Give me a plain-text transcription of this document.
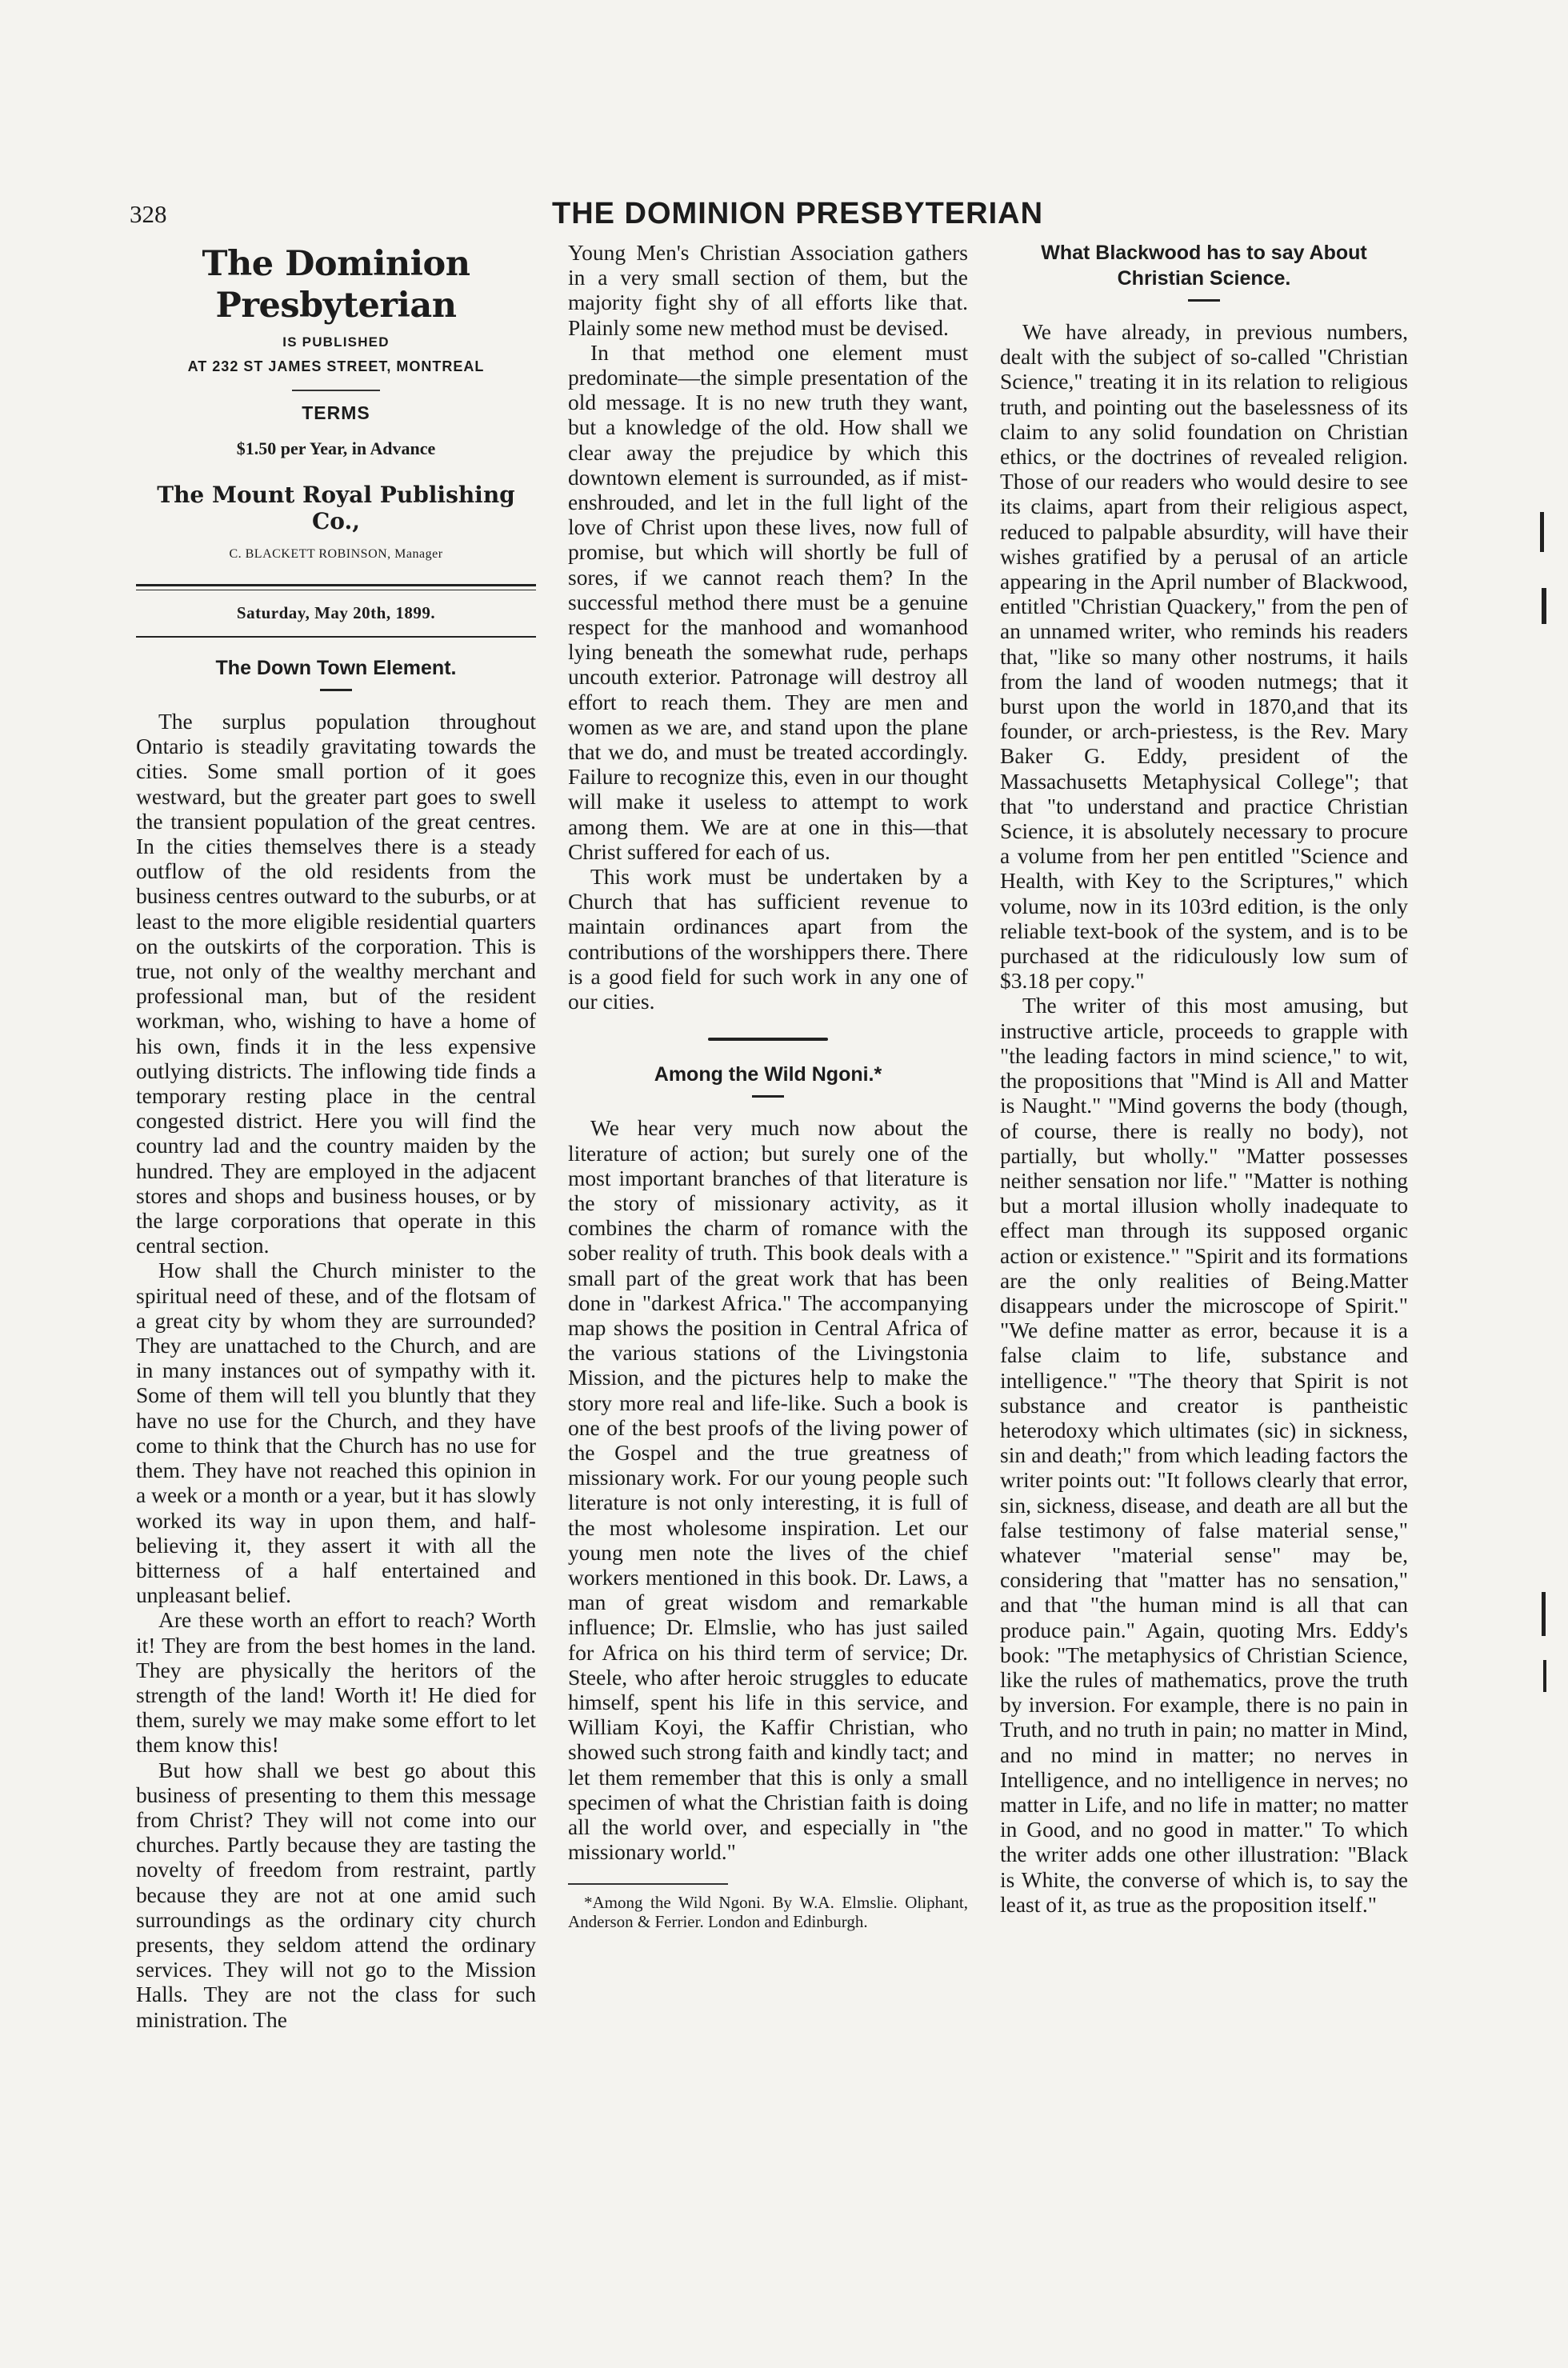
328	THE DOMINION PRESBYTERIAN
The Dominion Presbyterian
IS PUBLISHED
AT 232 ST JAMES STREET, MONTREAL
TERMS
$1.50 per Year, in Advance
The Mount Royal Publishing Co.,
C. BLACKETT ROBINSON, Manager
Saturday, May 20th, 1899.
The Down Town Element.

The surplus population throughout Ontario is steadily gravitating towards the cities. Some small portion of it goes westward, but the greater part goes to swell the transient population of the great centres. In the cities themselves there is a steady outflow of the old residents from the business centres outward to the suburbs, or at least to the more eligible residential quarters on the outskirts of the corporation. This is true, not only of the wealthy merchant and professional man, but of the resident workman, who, wishing to have a home of his own, finds it in the less expensive outlying districts. The inflowing tide finds a temporary resting place in the central congested district. Here you will find the country lad and the country maiden by the hundred. They are employed in the adjacent stores and shops and business houses, or by the large corporations that operate in this central section.

How shall the Church minister to the spiritual need of these, and of the flotsam of a great city by whom they are surrounded? They are unattached to the Church, and are in many instances out of sympathy with it. Some of them will tell you bluntly that they have no use for the Church, and they have come to think that the Church has no use for them. They have not reached this opinion in a week or a month or a year, but it has slowly worked its way in upon them, and half-believing it, they assert it with all the bitterness of a half entertained and unpleasant belief.

Are these worth an effort to reach? Worth it! They are from the best homes in the land. They are physically the heritors of the strength of the land! Worth it! He died for them, surely we may make some effort to let them know this!

But how shall we best go about this business of presenting to them this message from Christ? They will not come into our churches. Partly because they are tasting the novelty of freedom from restraint, partly because they are not at one amid such surroundings as the ordinary city church presents, they seldom attend the ordinary services. They will not go to the Mission Halls. They are not the class for such ministration. The

Young Men's Christian Association gathers in a very small section of them, but the majority fight shy of all efforts like that. Plainly some new method must be devised.

In that method one element must predominate—the simple presentation of the old message. It is no new truth they want, but a knowledge of the old. How shall we clear away the prejudice by which this downtown element is surrounded, as if mist-enshrouded, and let in the full light of the love of Christ upon these lives, now full of promise, but which will shortly be full of sores, if we cannot reach them? In the successful method there must be a genuine respect for the manhood and womanhood lying beneath the somewhat rude, perhaps uncouth exterior. Patronage will destroy all effort to reach them. They are men and women as we are, and stand upon the plane that we do, and must be treated accordingly. Failure to recognize this, even in our thought will make it useless to attempt to work among them. We are at one in this—that Christ suffered for each of us.

This work must be undertaken by a Church that has sufficient revenue to maintain ordinances apart from the contributions of the worshippers there. There is a good field for such work in any one of our cities.

Among the Wild Ngoni.*

We hear very much now about the literature of action; but surely one of the most important branches of that literature is the story of missionary activity, as it combines the charm of romance with the sober reality of truth. This book deals with a small part of the great work that has been done in "darkest Africa." The accompanying map shows the position in Central Africa of the various stations of the Livingstonia Mission, and the pictures help to make the story more real and life-like. Such a book is one of the best proofs of the living power of the Gospel and the true greatness of missionary work. For our young people such literature is not only interesting, it is full of the most wholesome inspiration. Let our young men note the lives of the chief workers mentioned in this book. Dr. Laws, a man of great wisdom and remarkable influence; Dr. Elmslie, who has just sailed for Africa on his third term of service; Dr. Steele, who after heroic struggles to educate himself, spent his life in this service, and William Koyi, the Kaffir Christian, who showed such strong faith and kindly tact; and let them remember that this is only a small specimen of what the Christian faith is doing all the world over, and especially in "the missionary world."

*Among the Wild Ngoni. By W.A. Elmslie. Oliphant, Anderson & Ferrier. London and Edinburgh.

What Blackwood has to say About
Christian Science.

We have already, in previous numbers, dealt with the subject of so-called "Christian Science," treating it in its relation to religious truth, and pointing out the baselessness of its claim to any solid foundation on Christian ethics, or the doctrines of revealed religion. Those of our readers who would desire to see its claims, apart from their religious aspect, reduced to palpable absurdity, will have their wishes gratified by a perusal of an article appearing in the April number of Blackwood, entitled "Christian Quackery," from the pen of an unnamed writer, who reminds his readers that, "like so many other nostrums, it hails from the land of wooden nutmegs; that it burst upon the world in 1870,and that its founder, or arch-priestess, is the Rev. Mary Baker G. Eddy, president of the Massachusetts Metaphysical College"; that that "to understand and practice Christian Science, it is absolutely necessary to procure a volume from her pen entitled "Science and Health, with Key to the Scriptures," which volume, now in its 103rd edition, is the only reliable text-book of the system, and is to be purchased at the ridiculously low sum of $3.18 per copy."

The writer of this most amusing, but instructive article, proceeds to grapple with "the leading factors in mind science," to wit, the propositions that "Mind is All and Matter is Naught." "Mind governs the body (though, of course, there is really no body), not partially, but wholly." "Matter possesses neither sensation nor life." "Matter is nothing but a mortal illusion wholly inadequate to effect man through its supposed organic action or existence." "Spirit and its formations are the only realities of Being.Matter disappears under the microscope of Spirit." "We define matter as error, because it is a false claim to life, substance and intelligence." "The theory that Spirit is not substance and creator is pantheistic heterodoxy which ultimates (sic) in sickness, sin and death;" from which leading factors the writer points out: "It follows clearly that error, sin, sickness, disease, and death are all but the false testimony of false material sense," whatever "material sense" may be, considering that "matter has no sensation," and that "the human mind is all that can produce pain." Again, quoting Mrs. Eddy's book: "The metaphysics of Christian Science, like the rules of mathematics, prove the truth by inversion. For example, there is no pain in Truth, and no truth in pain; no matter in Mind, and no mind in matter; no nerves in Intelligence, and no intelligence in nerves; no matter in Life, and no life in matter; no matter in Good, and no good in matter." To which the writer adds one other illustration: "Black is White, the converse of which is, to say the least of it, as true as the proposition itself."
